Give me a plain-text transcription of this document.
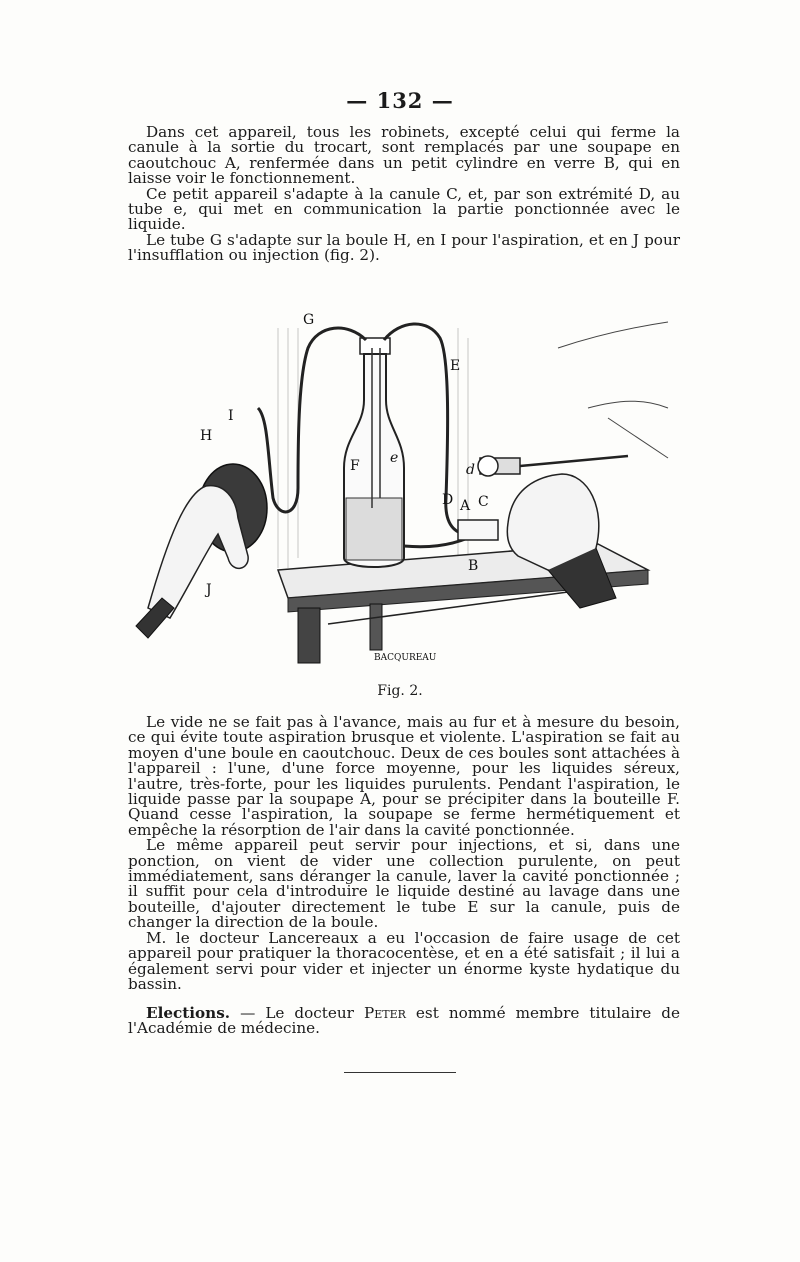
— 132 —

Dans cet appareil, tous les robinets, excepté celui qui ferme la canule à la sortie du trocart, sont remplacés par une soupape en caoutchouc A, renfermée dans un petit cylindre en verre B, qui en laisse voir le fonctionnement.

Ce petit appareil s'adapte à la canule C, et, par son extrémité D, au tube e, qui met en communication la partie ponctionnée avec le liquide.

Le tube G s'adapte sur la boule H, en I pour l'aspiration, et en J pour l'insufflation ou injection (fig. 2).

G
E
I
H
F e
d
D A C
B
J
BACQUREAU
Fig. 2.

Le vide ne se fait pas à l'avance, mais au fur et à mesure du besoin, ce qui évite toute aspiration brusque et violente. L'aspiration se fait au moyen d'une boule en caoutchouc. Deux de ces boules sont attachées à l'appareil : l'une, d'une force moyenne, pour les liquides séreux, l'autre, très-forte, pour les liquides purulents. Pendant l'aspiration, le liquide passe par la soupape A, pour se précipiter dans la bouteille F. Quand cesse l'aspiration, la soupape se ferme hermétiquement et empêche la résorption de l'air dans la cavité ponctionnée.

Le même appareil peut servir pour injections, et si, dans une ponction, on vient de vider une collection purulente, on peut immédiatement, sans déranger la canule, laver la cavité ponctionnée ; il suffit pour cela d'introduire le liquide destiné au lavage dans une bouteille, d'ajouter directement le tube E sur la canule, puis de changer la direction de la boule.

M. le docteur Lancereaux a eu l'occasion de faire usage de cet appareil pour pratiquer la thoracocentèse, et en a été satisfait ; il lui a également servi pour vider et injecter un énorme kyste hydatique du bassin.

Elections. — Le docteur Peter est nommé membre titulaire de l'Académie de médecine.
